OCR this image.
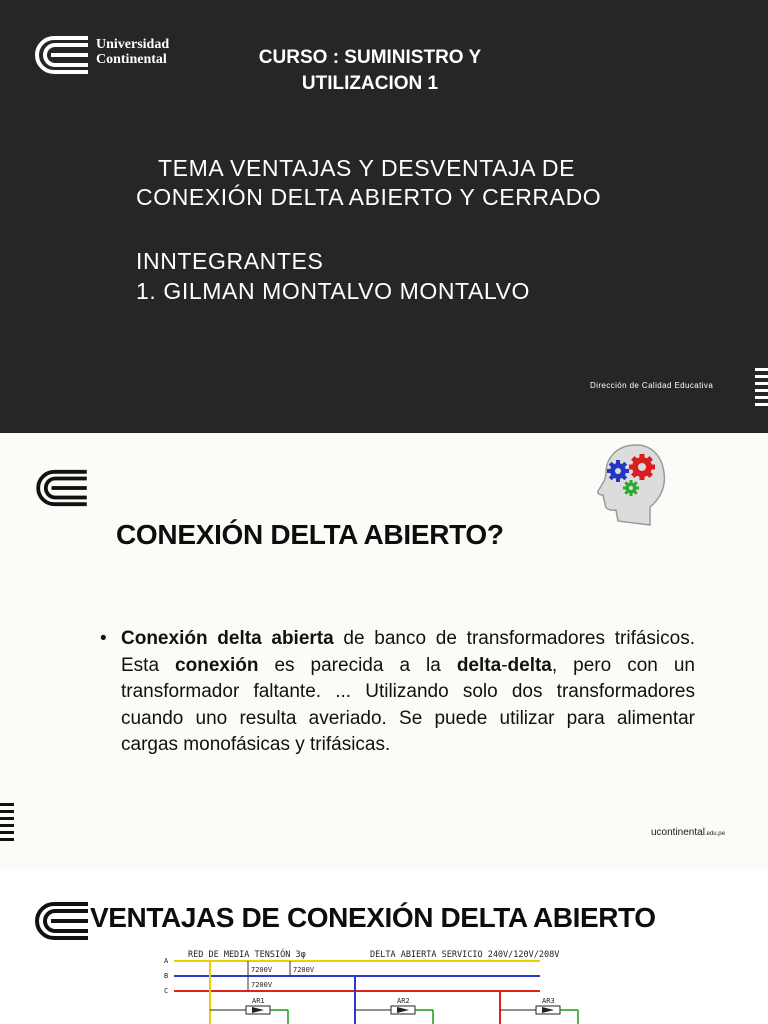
Universidad
Continental	CURSO : SUMINISTRO Y
UTILIZACION 1
TEMA VENTAJAS Y DESVENTAJA DE
CONEXIÓN DELTA ABIERTO Y CERRADO
INNTEGRANTES
1. GILMAN MONTALVO MONTALVO
Dirección de Calidad Educativa
CONEXIÓN DELTA ABIERTO?
• Conexión delta abierta de banco de transformadores trifásicos. Esta conexión es parecida a la delta-delta, pero con un transformador faltante. ... Utilizando solo dos transformadores cuando uno resulta averiado. Se puede utilizar para alimentar cargas monofásicas y trifásicas.

ucontinental.edu.pe
VENTAJAS DE CONEXIÓN DELTA ABIERTO
RED DE MEDIA TENSIÓN 3φ	DELTA ABIERTA SERVICIO 240V/120V/208V
A
B
C
7200V	7200V
7200V
AR1	AR2	AR3
